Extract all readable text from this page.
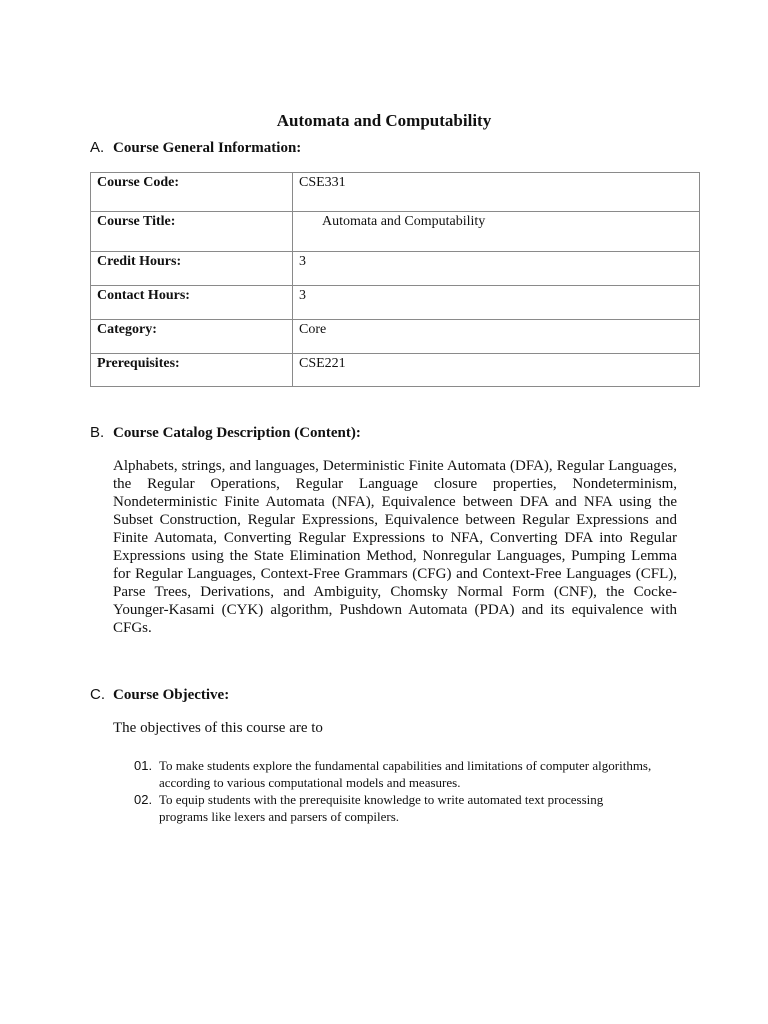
Automata and Computability
A. Course General Information:
Course Code:	CSE331
Course Title:	Automata and Computability
Credit Hours:	3
Contact Hours:	3
Category:	Core
Prerequisites:	CSE221
B. Course Catalog Description (Content):

Alphabets, strings, and languages, Deterministic Finite Automata (DFA), Regular Languages, the Regular Operations, Regular Language closure properties, Nondeterminism, Nondeterministic Finite Automata (NFA), Equivalence between DFA and NFA using the Subset Construction, Regular Expressions, Equivalence between Regular Expressions and Finite Automata, Converting Regular Expressions to NFA, Converting DFA into Regular Expressions using the State Elimination Method, Nonregular Languages, Pumping Lemma for Regular Languages, Context-Free Grammars (CFG) and Context-Free Languages (CFL), Parse Trees, Derivations, and Ambiguity, Chomsky Normal Form (CNF), the Cocke-Younger-Kasami (CYK) algorithm, Pushdown Automata (PDA) and its equivalence with CFGs.

C. Course Objective:

The objectives of this course are to

01. To make students explore the fundamental capabilities and limitations of computer algorithms, according to various computational models and measures.
02. To equip students with the prerequisite knowledge to write automated text processing programs like lexers and parsers of compilers.
